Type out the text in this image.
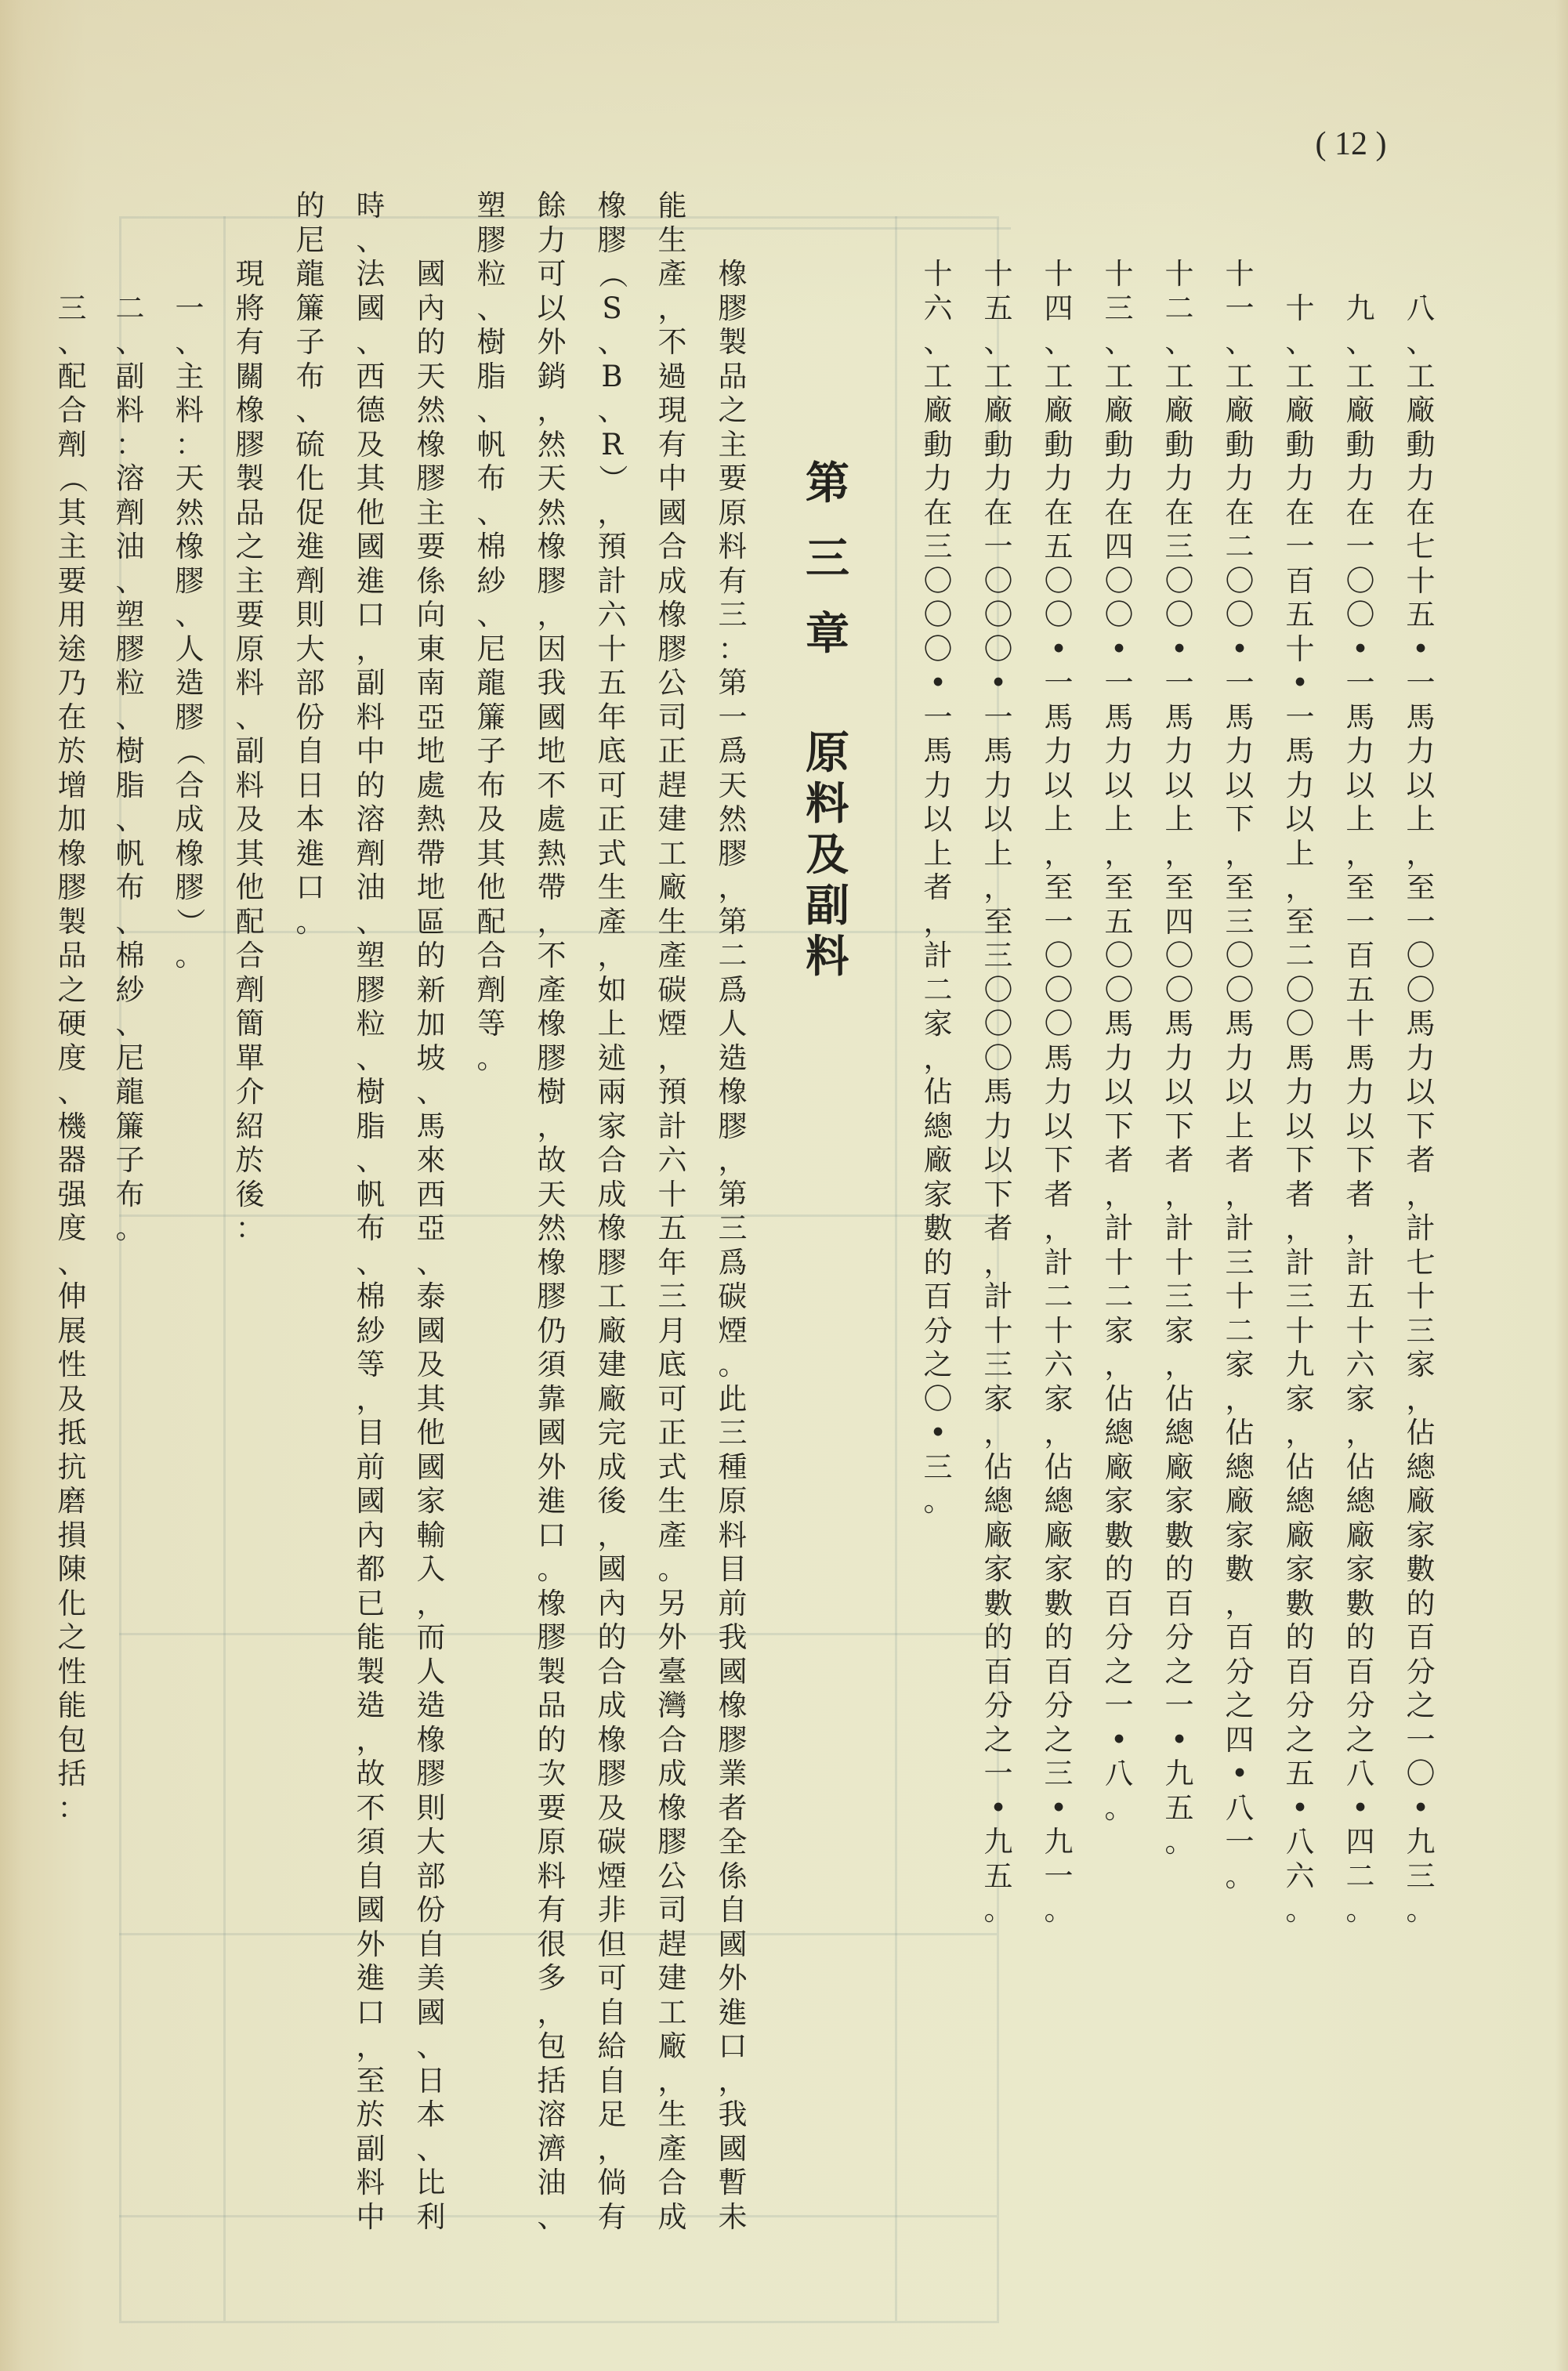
( 12 )
八
、
工
廠
動
力
在
七
十
五
•
一
馬
力
以
上
，
至
一
〇
〇
馬
力
以
下
者
，
計
七
十
三
家
，
佔
總
廠
家
數
的
百
分
之
一
〇
•
九
三
。
九
、
工
廠
動
力
在
一
〇
〇
•
一
馬
力
以
上
，
至
一
百
五
十
馬
力
以
下
者
，
計
五
十
六
家
，
佔
總
廠
家
數
的
百
分
之
八
•
四
二
。
十
、
工
廠
動
力
在
一
百
五
十
•
一
馬
力
以
上
，
至
二
〇
〇
馬
力
以
下
者
，
計
三
十
九
家
，
佔
總
廠
家
數
的
百
分
之
五
•
八
六
。
十
一
、
工
廠
動
力
在
二
〇
〇
•
一
馬
力
以
下
，
至
三
〇
〇
馬
力
以
上
者
，
計
三
十
二
家
，
佔
總
廠
家
數
，
百
分
之
四
•
八
一
。
十
二
、
工
廠
動
力
在
三
〇
〇
•
一
馬
力
以
上
，
至
四
〇
〇
馬
力
以
下
者
，
計
十
三
家
，
佔
總
廠
家
數
的
百
分
之
一
•
九
五
。
十
三
、
工
廠
動
力
在
四
〇
〇
•
一
馬
力
以
上
，
至
五
〇
〇
馬
力
以
下
者
，
計
十
二
家
，
佔
總
廠
家
數
的
百
分
之
一
•
八
。
十
四
、
工
廠
動
力
在
五
〇
〇
•
一
馬
力
以
上
，
至
一
〇
〇
〇
馬
力
以
下
者
，
計
二
十
六
家
，
佔
總
廠
家
數
的
百
分
之
三
•
九
一
。
十
五
、
工
廠
動
力
在
一
〇
〇
〇
•
一
馬
力
以
上
，
至
三
〇
〇
〇
馬
力
以
下
者
，
計
十
三
家
，
佔
總
廠
家
數
的
百
分
之
一
•
九
五
。
十
六
、
工
廠
動
力
在
三
〇
〇
〇
•
一
馬
力
以
上
者
，
計
二
家
，
佔
總
廠
家
數
的
百
分
之
〇
•
三
。
第
三
章
原
料
及
副
料
橡
膠
製
品
之
主
要
原
料
有
三
：
第
一
爲
天
然
膠
，
第
二
爲
人
造
橡
膠
，
第
三
爲
碳
煙
。
此
三
種
原
料
目
前
我
國
橡
膠
業
者
全
係
自
國
外
進
口
，
我
國
暫
未
能
生
產
，
不
過
現
有
中
國
合
成
橡
膠
公
司
正
趕
建
工
廠
生
產
碳
煙
，
預
計
六
十
五
年
三
月
底
可
正
式
生
產
。
另
外
臺
灣
合
成
橡
膠
公
司
趕
建
工
廠
，
生
產
合
成
橡
膠
（
S
、
B
、
R
）
，
預
計
六
十
五
年
底
可
正
式
生
產
，
如
上
述
兩
家
合
成
橡
膠
工
廠
建
廠
完
成
後
，
國
內
的
合
成
橡
膠
及
碳
煙
非
但
可
自
給
自
足
，
倘
有
餘
力
可
以
外
銷
，
然
天
然
橡
膠
，
因
我
國
地
不
處
熱
帶
，
不
產
橡
膠
樹
，
故
天
然
橡
膠
仍
須
靠
國
外
進
口
。
橡
膠
製
品
的
次
要
原
料
有
很
多
，
包
括
溶
濟
油
、
塑
膠
粒
、
樹
脂
、
帆
布
、
棉
紗
、
尼
龍
簾
子
布
及
其
他
配
合
劑
等
。
國
內
的
天
然
橡
膠
主
要
係
向
東
南
亞
地
處
熱
帶
地
區
的
新
加
坡
、
馬
來
西
亞
、
泰
國
及
其
他
國
家
輸
入
，
而
人
造
橡
膠
則
大
部
份
自
美
國
、
日
本
、
比
利
時
、
法
國
、
西
德
及
其
他
國
進
口
，
副
料
中
的
溶
劑
油
、
塑
膠
粒
、
樹
脂
、
帆
布
、
棉
紗
等
，
目
前
國
內
都
已
能
製
造
，
故
不
須
自
國
外
進
口
，
至
於
副
料
中
的
尼
龍
簾
子
布
、
硫
化
促
進
劑
則
大
部
份
自
日
本
進
口
。
現
將
有
關
橡
膠
製
品
之
主
要
原
料
、
副
料
及
其
他
配
合
劑
簡
單
介
紹
於
後
：
一
、
主
料
：
天
然
橡
膠
、
人
造
膠
（
合
成
橡
膠
）
。
二
、
副
料
：
溶
劑
油
、
塑
膠
粒
、
樹
脂
、
帆
布
、
棉
紗
、
尼
龍
簾
子
布
。
三
、
配
合
劑
（
其
主
要
用
途
乃
在
於
增
加
橡
膠
製
品
之
硬
度
、
機
器
强
度
、
伸
展
性
及
抵
抗
磨
損
陳
化
之
性
能
包
括
：
